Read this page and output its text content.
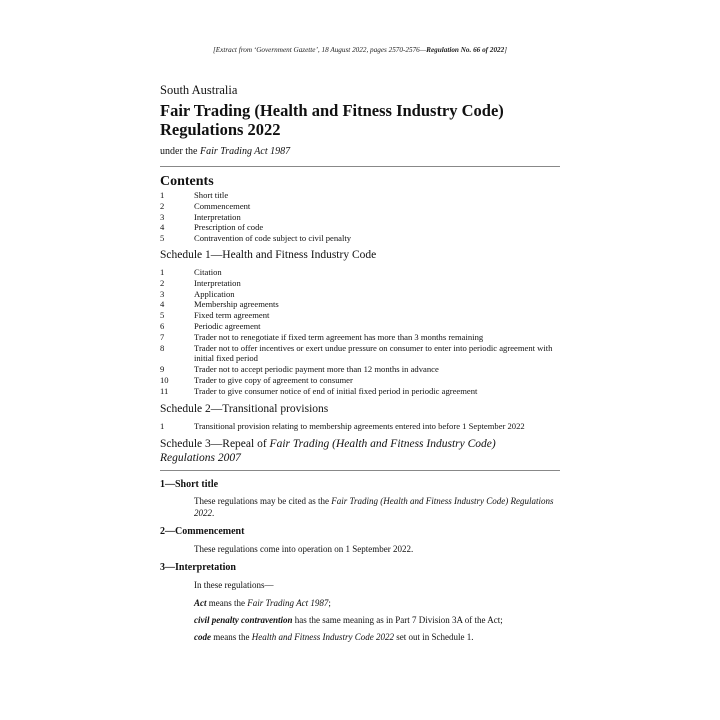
[Extract from ‘Government Gazette’, 18 August 2022, pages 2570-2576—Regulation No. 66 of 2022]
South Australia
Fair Trading (Health and Fitness Industry Code)
Regulations 2022
under the Fair Trading Act 1987
Contents
1	Short title
2	Commencement
3	Interpretation
4	Prescription of code
5	Contravention of code subject to civil penalty
Schedule 1—Health and Fitness Industry Code
1	Citation
2	Interpretation
3	Application
4	Membership agreements
5	Fixed term agreement
6	Periodic agreement
7	Trader not to renegotiate if fixed term agreement has more than 3 months remaining
8	Trader not to offer incentives or exert undue pressure on consumer to enter into periodic agreement with initial fixed period
9	Trader not to accept periodic payment more than 12 months in advance
10	Trader to give copy of agreement to consumer
11	Trader to give consumer notice of end of initial fixed period in periodic agreement
Schedule 2—Transitional provisions
1	Transitional provision relating to membership agreements entered into before 1 September 2022
Schedule 3—Repeal of Fair Trading (Health and Fitness Industry Code)
Regulations 2007
1—Short title
These regulations may be cited as the Fair Trading (Health and Fitness Industry Code) Regulations 2022.
2—Commencement
These regulations come into operation on 1 September 2022.
3—Interpretation
In these regulations—
Act means the Fair Trading Act 1987;
civil penalty contravention has the same meaning as in Part 7 Division 3A of the Act;
code means the Health and Fitness Industry Code 2022 set out in Schedule 1.
